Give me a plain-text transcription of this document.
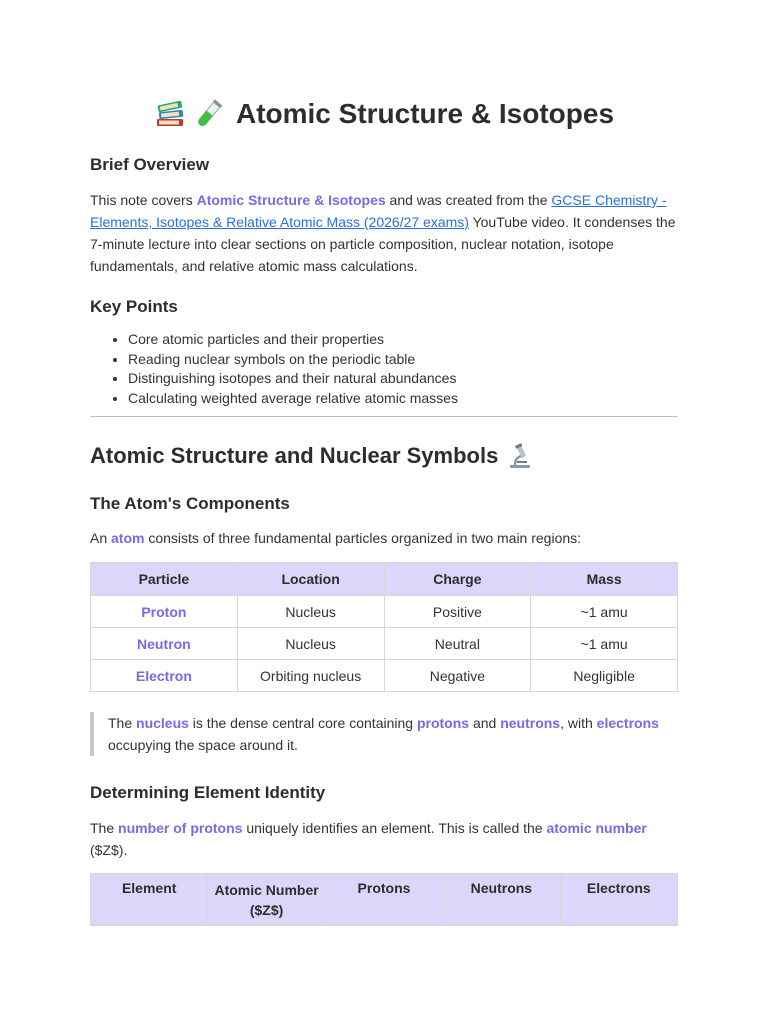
Atomic Structure & Isotopes
Brief Overview

This note covers Atomic Structure & Isotopes and was created from the GCSE Chemistry - Elements, Isotopes & Relative Atomic Mass (2026/27 exams) YouTube video. It condenses the 7-minute lecture into clear sections on particle composition, nuclear notation, isotope fundamentals, and relative atomic mass calculations.

Key Points
• Core atomic particles and their properties
• Reading nuclear symbols on the periodic table
• Distinguishing isotopes and their natural abundances
• Calculating weighted average relative atomic masses
Atomic Structure and Nuclear Symbols
The Atom's Components

An atom consists of three fundamental particles organized in two main regions:

Particle	Location	Charge	Mass
Proton	Nucleus	Positive	~1 amu
Neutron	Nucleus	Neutral	~1 amu
Electron	Orbiting nucleus	Negative	Negligible

The nucleus is the dense central core containing protons and neutrons, with electrons occupying the space around it.

Determining Element Identity

The number of protons uniquely identifies an element. This is called the atomic number ($Z$).

Element	Atomic Number ($Z$)	Protons	Neutrons	Electrons
